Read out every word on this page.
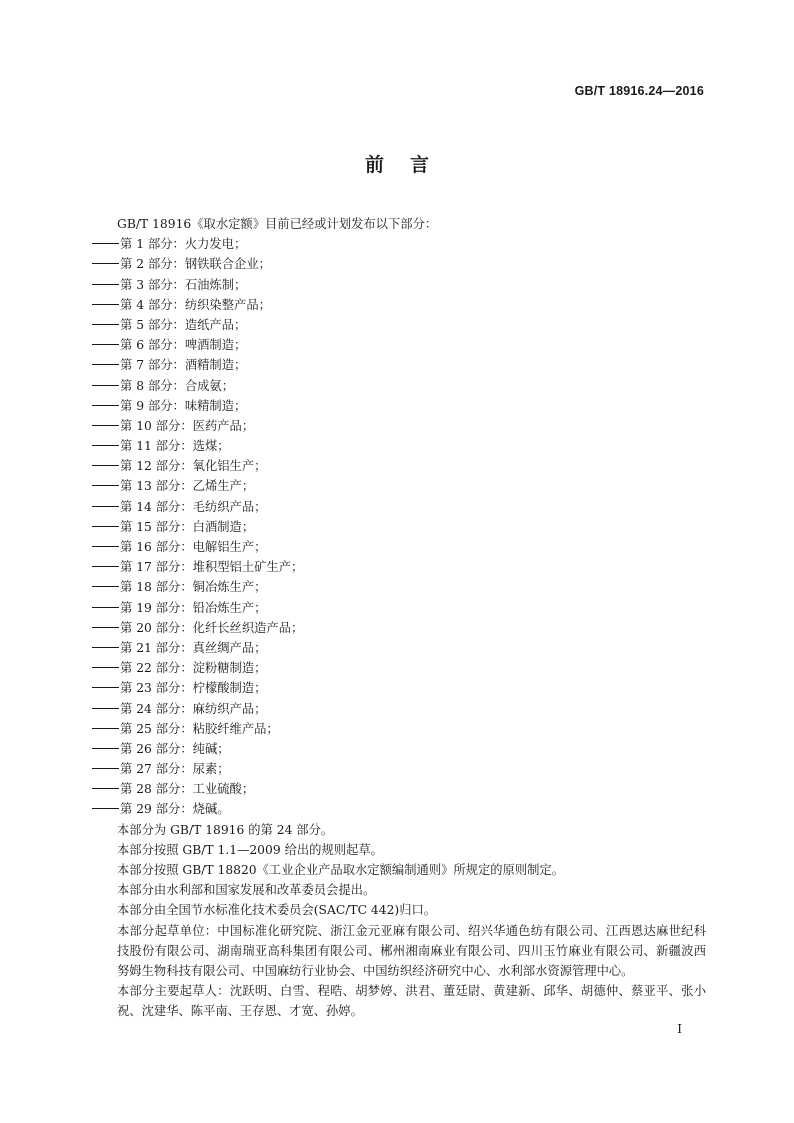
GB/T 18916.24—2016
前言
GB/T 18916《取水定额》目前已经或计划发布以下部分：
第 1 部分：火力发电；
第 2 部分：钢铁联合企业；
第 3 部分：石油炼制；
第 4 部分：纺织染整产品；
第 5 部分：造纸产品；
第 6 部分：啤酒制造；
第 7 部分：酒精制造；
第 8 部分：合成氨；
第 9 部分：味精制造；
第 10 部分：医药产品；
第 11 部分：选煤；
第 12 部分：氧化铝生产；
第 13 部分：乙烯生产；
第 14 部分：毛纺织产品；
第 15 部分：白酒制造；
第 16 部分：电解铝生产；
第 17 部分：堆积型铝土矿生产；
第 18 部分：铜冶炼生产；
第 19 部分：铅冶炼生产；
第 20 部分：化纤长丝织造产品；
第 21 部分：真丝绸产品；
第 22 部分：淀粉糖制造；
第 23 部分：柠檬酸制造；
第 24 部分：麻纺织产品；
第 25 部分：粘胶纤维产品；
第 26 部分：纯碱；
第 27 部分：尿素；
第 28 部分：工业硫酸；
第 29 部分：烧碱。
本部分为 GB/T 18916 的第 24 部分。
本部分按照 GB/T 1.1—2009 给出的规则起草。
本部分按照 GB/T 18820《工业企业产品取水定额编制通则》所规定的原则制定。
本部分由水利部和国家发展和改革委员会提出。
本部分由全国节水标准化技术委员会(SAC/TC 442)归口。
本部分起草单位：中国标准化研究院、浙江金元亚麻有限公司、绍兴华通色纺有限公司、江西恩达麻世纪科技股份有限公司、湖南瑞亚高科集团有限公司、郴州湘南麻业有限公司、四川玉竹麻业有限公司、新疆波西努姆生物科技有限公司、中国麻纺行业协会、中国纺织经济研究中心、水利部水资源管理中心。
本部分主要起草人：沈跃明、白雪、程晧、胡梦婷、洪君、董廷尉、黄建新、邱华、胡德仲、蔡亚平、张小祝、沈建华、陈平南、王存恩、才宽、孙婷。
I
